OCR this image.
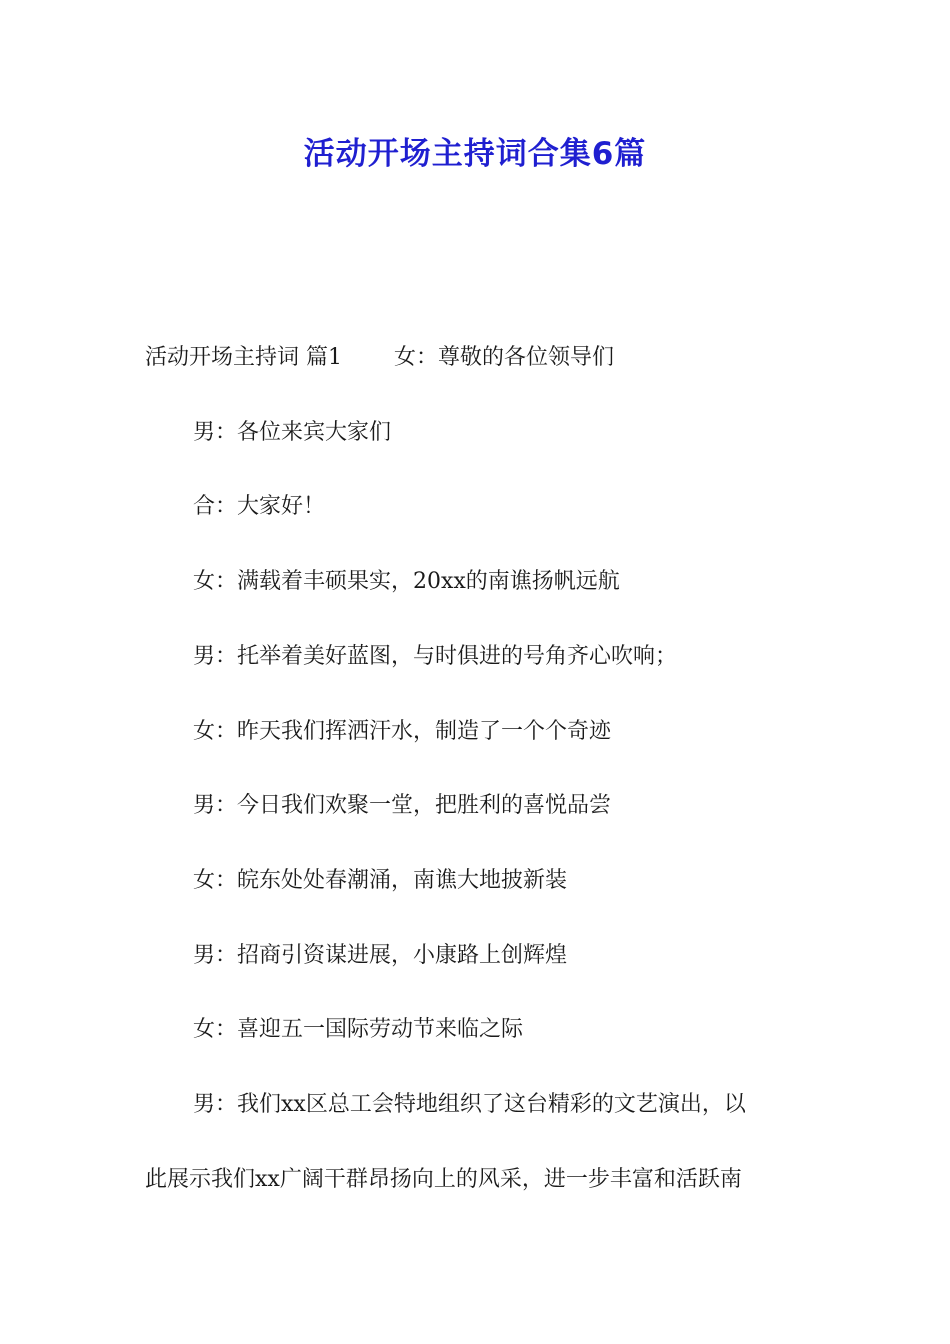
活动开场主持词合集6篇
活动开场主持词 篇1 女：尊敬的各位领导们
男：各位来宾大家们
合：大家好！
女：满载着丰硕果实，20xx的南谯扬帆远航
男：托举着美好蓝图，与时俱进的号角齐心吹响；
女：昨天我们挥洒汗水，制造了一个个奇迹
男：今日我们欢聚一堂，把胜利的喜悦品尝
女：皖东处处春潮涌，南谯大地披新装
男：招商引资谋进展，小康路上创辉煌
女：喜迎五一国际劳动节来临之际
男：我们xx区总工会特地组织了这台精彩的文艺演出，以
此展示我们xx广阔干群昂扬向上的风采，进一步丰富和活跃南
